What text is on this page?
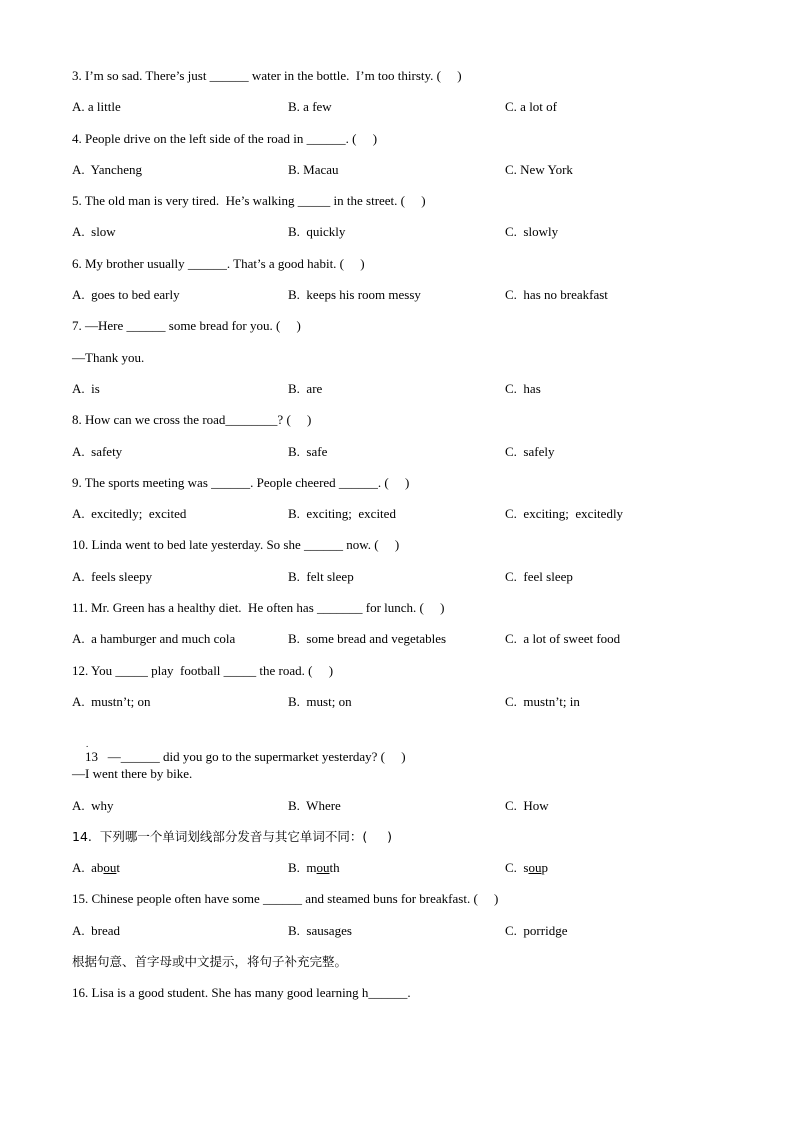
3. I’m so sad. There’s just ______ water in the bottle.  I’m too thirsty. (     )
A. a little	B. a few	C. a lot of
4. People drive on the left side of the road in ______. (     )
A.  Yancheng	B. Macau	C. New York
5. The old man is very tired.  He’s walking _____ in the street. (     )
A.  slow	B.  quickly	C.  slowly
6. My brother usually ______. That’s a good habit. (     )
A.  goes to bed early	B.  keeps his room messy	C.  has no breakfast
7. —Here ______ some bread for you. (     )
—Thank you.
A.  is	B.  are	C.  has
8. How can we cross the road________? (     )
A.  safety	B.  safe	C.  safely
9. The sports meeting was ______. People cheered ______. (     )
A.  excitedly;  excited	B.  exciting;  excited	C.  exciting;  excitedly
10. Linda went to bed late yesterday. So she ______ now. (     )
A.  feels sleepy	B.  felt sleep	C.  feel sleep
11. Mr. Green has a healthy diet.  He often has _______ for lunch. (     )
A.  a hamburger and much cola	B.  some bread and vegetables	C.  a lot of sweet food
12. You _____ play  football _____ the road. (     )
A.  mustn’t; on	B.  must; on	C.  mustn’t; in

13   —______ did you go to the supermarket yesterday? (     )

.

—I went there by bike.
A.  why	B.  Where	C.  How
14.  下列哪一个单词划线部分发音与其它单词不同：(     )
A.  about	B.  mouth	C.  soup
15. Chinese people often have some ______ and steamed buns for breakfast. (     )
A.  bread	B.  sausages	C.  porridge
根据句意、首字母或中文提示，将句子补充完整。
16. Lisa is a good student. She has many good learning h______.
